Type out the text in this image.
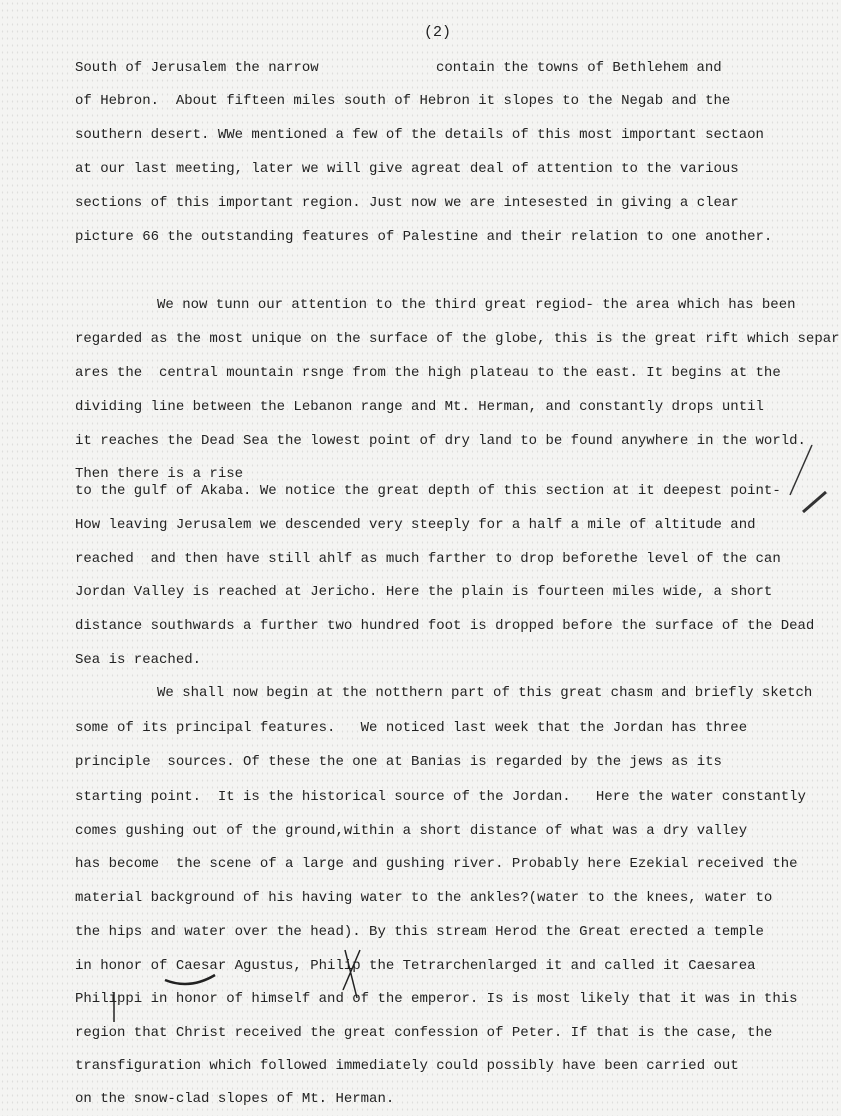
(2)
South of Jerusalem the narrow	contain the towns of Bethlehem and
of Hebron.  About fifteen miles south of Hebron it slopes to the Negab and the
southern desert. WWe mentioned a few of the details of this most important sectaon
at our last meeting, later we will give agreat deal of attention to the various
sections of this important region. Just now we are intesested in giving a clear
picture 66 the outstanding features of Palestine and their relation to one another.
We now tunn our attention to the third great regiod- the area which has been
regarded as the most unique on the surface of the globe, this is the great rift which separ
ares the  central mountain rsnge from the high plateau to the east. It begins at the
dividing line between the Lebanon range and Mt. Herman, and constantly drops until
it reaches the Dead Sea the lowest point of dry land to be found anywhere in the world.
Then there is a rise
to the gulf of Akaba. We notice the great depth of this section at it deepest point-
How leaving Jerusalem we descended very steeply for a half a mile of altitude and
reached  and then have still ahlf as much farther to drop beforethe level of the can
Jordan Valley is reached at Jericho. Here the plain is fourteen miles wide, a short
distance southwards a further two hundred foot is dropped before the surface of the Dead
Sea is reached.
We shall now begin at the notthern part of this great chasm and briefly sketch
some of its principal features.   We noticed last week that the Jordan has three
principle  sources. Of these the one at Banias is regarded by the jews as its
starting point.  It is the historical source of the Jordan.   Here the water constantly
comes gushing out of the ground,within a short distance of what was a dry valley
has become  the scene of a large and gushing river. Probably here Ezekial received the
material background of his having water to the ankles?(water to the knees, water to
the hips and water over the head). By this stream Herod the Great erected a temple
in honor of Caesar Agustus, Philip the Tetrarchenlarged it and called it Caesarea
Philippi in honor of himself and of the emperor. Is is most likely that it was in this
region that Christ received the great confession of Peter. If that is the case, the
transfiguration which followed immediately could possibly have been carried out
on the snow-clad slopes of Mt. Herman.
